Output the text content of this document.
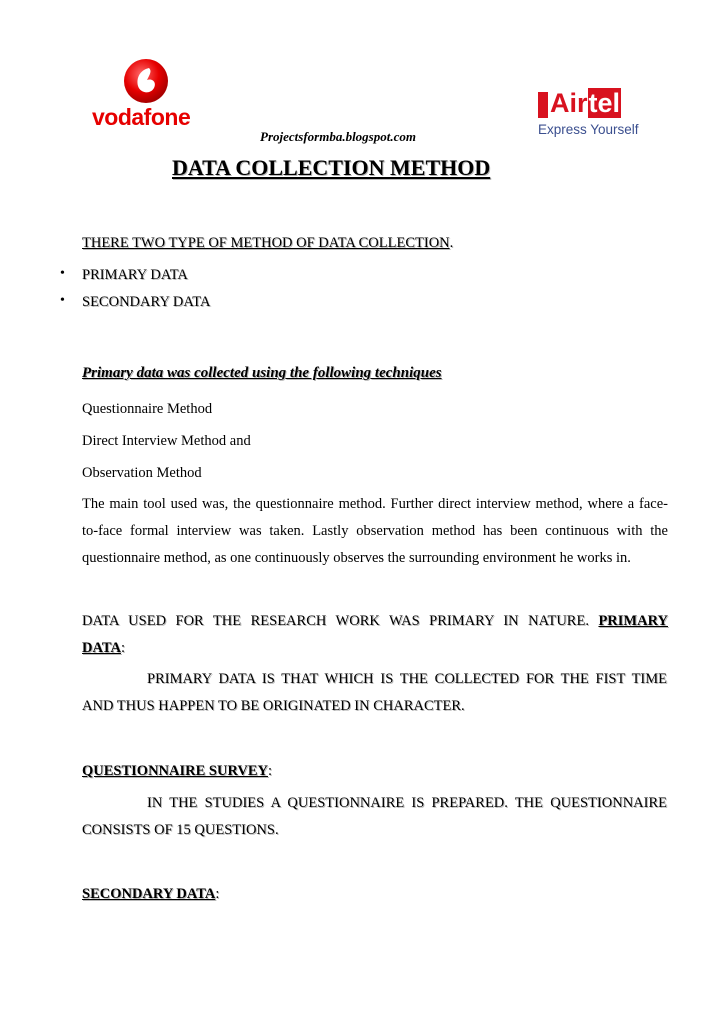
vodafone	Airtel
Express Yourself
Projectsformba.blogspot.com
DATA COLLECTION METHOD
THERE TWO TYPE OF METHOD OF DATA COLLECTION.
• PRIMARY DATA
• SECONDARY DATA
Primary data was collected using the following techniques
Questionnaire Method
Direct Interview Method and
Observation Method
The main tool used was, the questionnaire method. Further direct interview method, where a face-
to-face formal interview was taken. Lastly observation method has been continuous with the
questionnaire method, as one continuously observes the surrounding environment he works in.
DATA USED FOR THE RESEARCH WORK WAS PRIMARY IN NATURE. PRIMARY
DATA:
PRIMARY DATA IS THAT WHICH IS THE COLLECTED FOR THE FIST TIME
AND THUS HAPPEN TO BE ORIGINATED IN CHARACTER.
QUESTIONNAIRE SURVEY:
IN THE STUDIES A QUESTIONNAIRE IS PREPARED. THE QUESTIONNAIRE
CONSISTS OF 15 QUESTIONS.
SECONDARY DATA:
